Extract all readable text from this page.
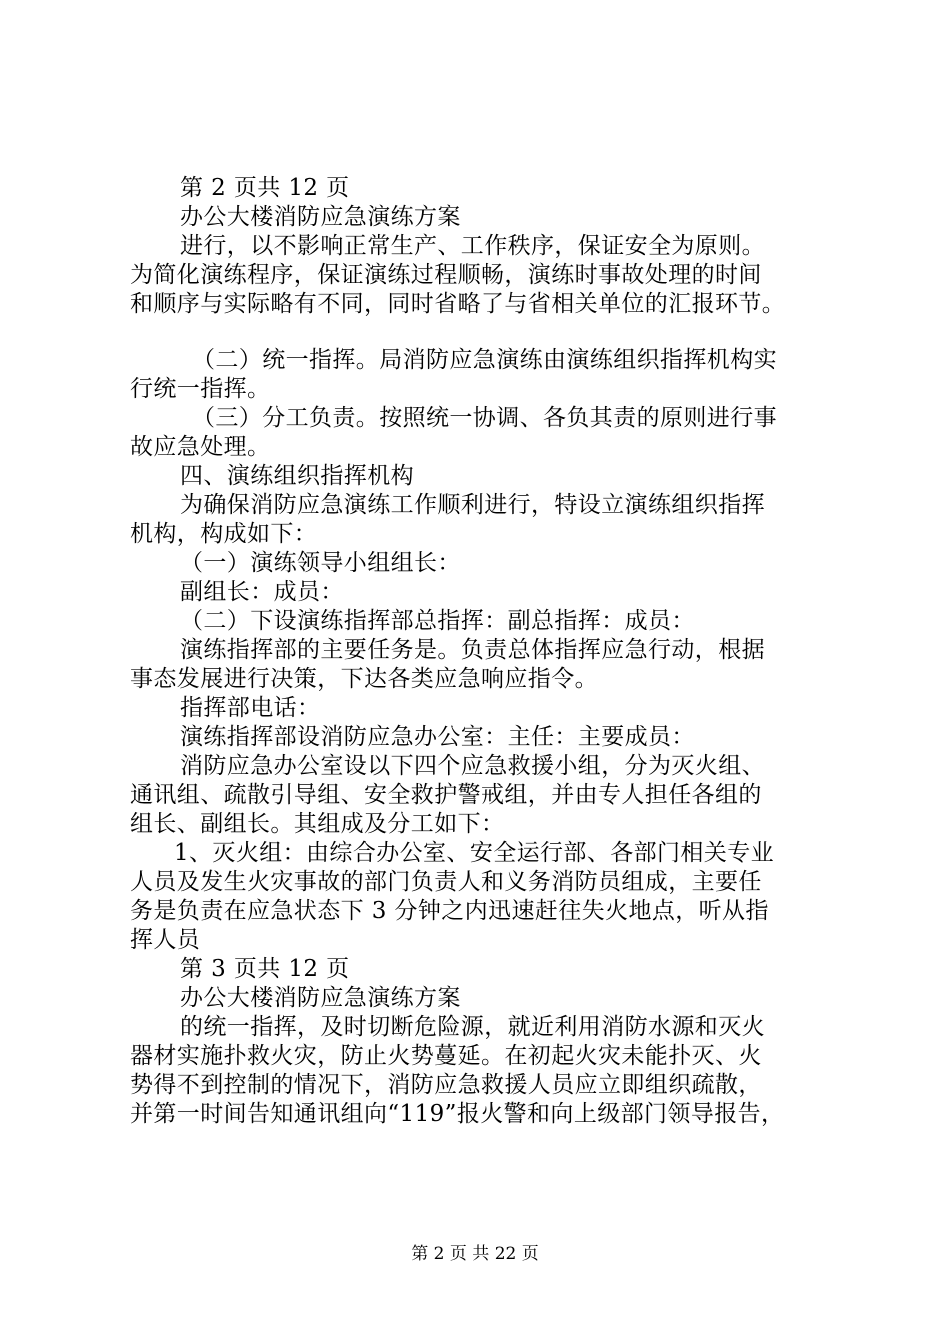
第 2 页共 12 页
办公大楼消防应急演练方案
进行，以不影响正常生产、工作秩序，保证安全为原则。
为简化演练程序，保证演练过程顺畅，演练时事故处理的时间
和顺序与实际略有不同，同时省略了与省相关单位的汇报环节。
（二）统一指挥。局消防应急演练由演练组织指挥机构实
行统一指挥。
（三）分工负责。按照统一协调、各负其责的原则进行事
故应急处理。
四、演练组织指挥机构
为确保消防应急演练工作顺利进行，特设立演练组织指挥
机构，构成如下：
（一）演练领导小组组长：
副组长：成员：
（二）下设演练指挥部总指挥：副总指挥：成员：
演练指挥部的主要任务是。负责总体指挥应急行动，根据
事态发展进行决策，下达各类应急响应指令。
指挥部电话：
演练指挥部设消防应急办公室：主任：主要成员：
消防应急办公室设以下四个应急救援小组，分为灭火组、
通讯组、疏散引导组、安全救护警戒组，并由专人担任各组的
组长、副组长。其组成及分工如下：
1、灭火组：由综合办公室、安全运行部、各部门相关专业
人员及发生火灾事故的部门负责人和义务消防员组成，主要任
务是负责在应急状态下 3 分钟之内迅速赶往失火地点，听从指
挥人员
第 3 页共 12 页
办公大楼消防应急演练方案
的统一指挥，及时切断危险源，就近利用消防水源和灭火
器材实施扑救火灾，防止火势蔓延。在初起火灾未能扑灭、火
势得不到控制的情况下，消防应急救援人员应立即组织疏散，
并第一时间告知通讯组向“119”报火警和向上级部门领导报告，
第 2 页 共 22 页
